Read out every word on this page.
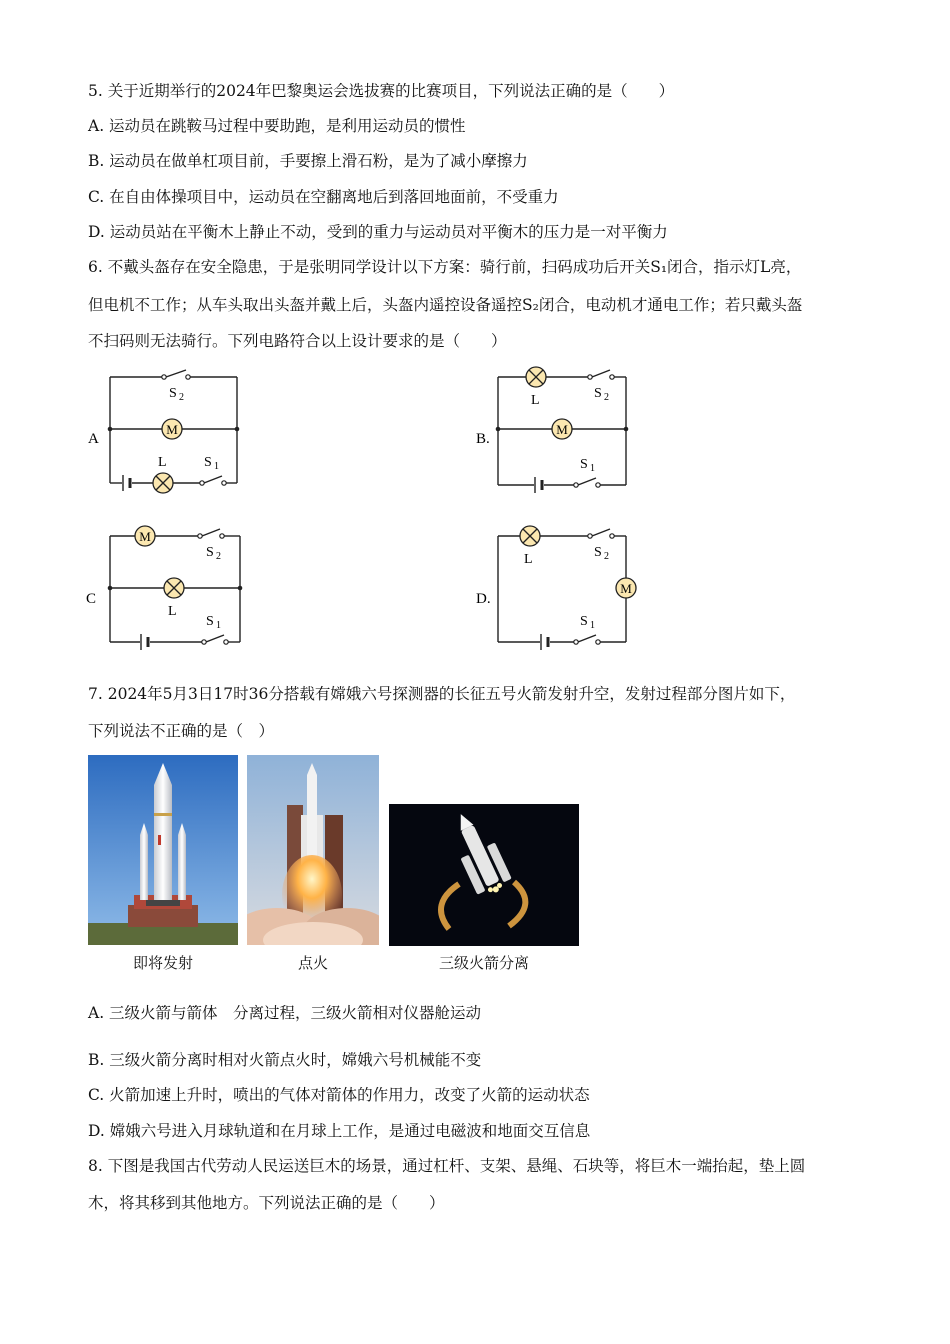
5. 关于近期举行的2024年巴黎奥运会选拔赛的比赛项目，下列说法正确的是（　　）
A. 运动员在跳鞍马过程中要助跑，是利用运动员的惯性
B. 运动员在做单杠项目前，手要擦上滑石粉，是为了减小摩擦力
C. 在自由体操项目中，运动员在空翻离地后到落回地面前，不受重力
D. 运动员站在平衡木上静止不动，受到的重力与运动员对平衡木的压力是一对平衡力
6. 不戴头盔存在安全隐患，于是张明同学设计以下方案：骑行前，扫码成功后开关S₁闭合，指示灯L亮，
但电机不工作；从车头取出头盔并戴上后，头盔内遥控设备遥控S₂闭合，电动机才通电工作；若只戴头盔
不扫码则无法骑行。下列电路符合以上设计要求的是（　　）
A
M
L
S 2
S 1
B.
M
L	S 2
S 1
C
M
L
S 2
S 1
D.
M
L	S 2
S 1
7. 2024年5月3日17时36分搭载有嫦娥六号探测器的长征五号火箭发射升空，发射过程部分图片如下，
下列说法不正确的是（　）
即将发射	点火	三级火箭分离
A. 三级火箭与箭体　分离过程，三级火箭相对仪器舱运动
B. 三级火箭分离时相对火箭点火时，嫦娥六号机械能不变
C. 火箭加速上升时，喷出的气体对箭体的作用力，改变了火箭的运动状态
D. 嫦娥六号进入月球轨道和在月球上工作，是通过电磁波和地面交互信息
8. 下图是我国古代劳动人民运送巨木的场景，通过杠杆、支架、悬绳、石块等，将巨木一端抬起，垫上圆
木，将其移到其他地方。下列说法正确的是（　　）
